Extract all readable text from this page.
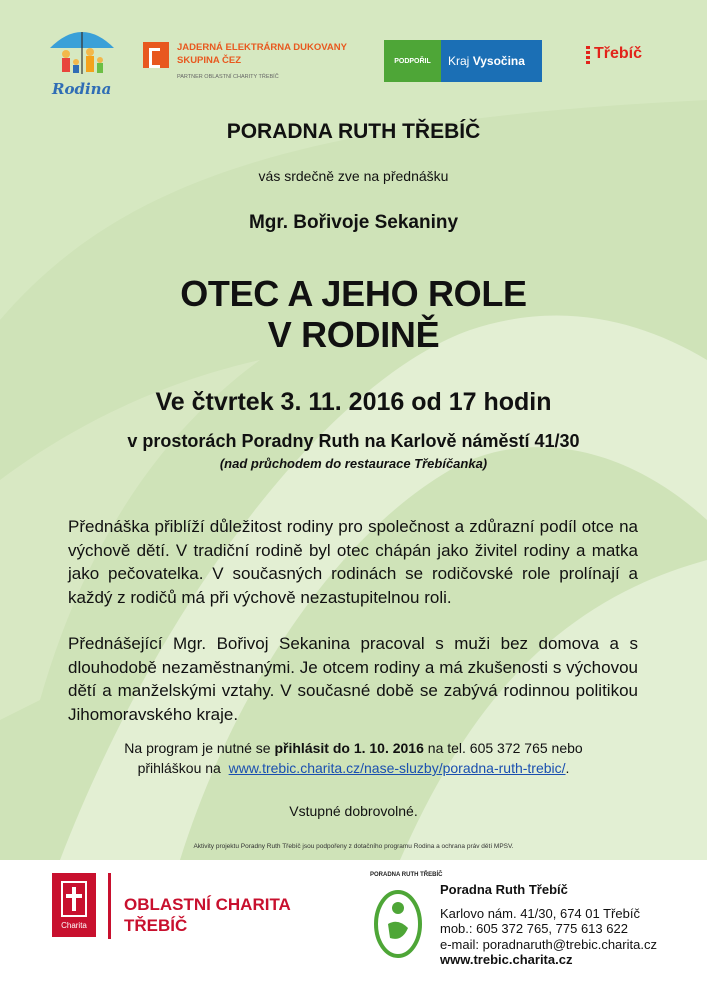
Rodina
JADERNÁ ELEKTRÁRNA DUKOVANY
SKUPINA ČEZ
PARTNER OBLASTNÍ CHARITY TŘEBÍČ
PODPOŘIL	Kraj Vysočina	Třebíč
PORADNA RUTH TŘEBÍČ
vás srdečně zve na přednášku
Mgr. Bořivoje Sekaniny
OTEC A JEHO ROLE
V RODINĚ
Ve čtvrtek 3. 11. 2016 od 17 hodin
v prostorách Poradny Ruth na Karlově náměstí 41/30
(nad průchodem do restaurace Třebíčanka)
Přednáška přiblíží důležitost rodiny pro společnost a zdůrazní podíl otce na výchově dětí. V tradiční rodině byl otec chápán jako živitel rodiny a matka jako pečovatelka. V současných rodinách se rodičovské role prolínají a každý z rodičů má při výchově nezastupitelnou roli.
Přednášející Mgr. Bořivoj Sekanina pracoval s muži bez domova a s dlouhodobě nezaměstnanými. Je otcem rodiny a má zkušenosti s výchovou dětí a manželskými vztahy. V současné době se zabývá rodinnou politikou Jihomoravského kraje.
Na program je nutné se přihlásit do 1. 10. 2016 na tel. 605 372 765 nebo
přihláškou na www.trebic.charita.cz/nase-sluzby/poradna-ruth-trebic/.
Vstupné dobrovolné.
Aktivity projektu Poradny Ruth Třebíč jsou podpořeny z dotačního programu Rodina a ochrana práv dětí MPSV.
Charita
OBLASTNÍ CHARITA
TŘEBÍČ
PORADNA RUTH TŘEBÍČ
Poradna Ruth Třebíč
Karlovo nám. 41/30, 674 01 Třebíč
mob.: 605 372 765, 775 613 622
e-mail: poradnaruth@trebic.charita.cz
www.trebic.charita.cz
